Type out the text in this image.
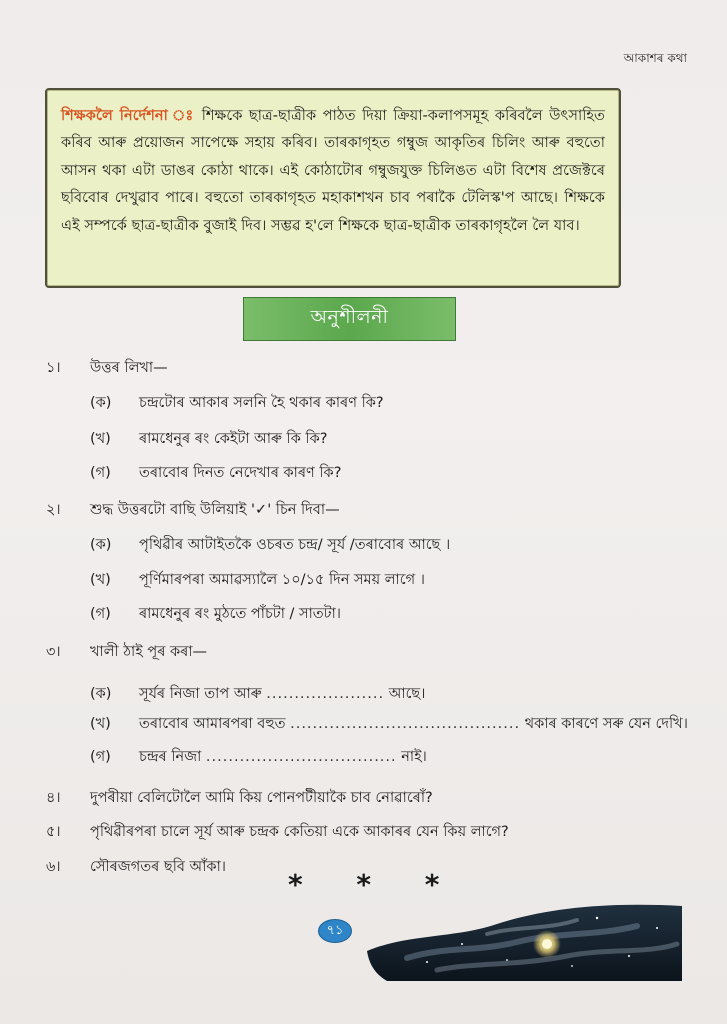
আকাশৰ কথা
শিক্ষকলৈ নির্দেশনা ঃ শিক্ষকে ছাত্র-ছাত্রীক পাঠত দিয়া ক্রিয়া-কলাপসমূহ কৰিবলৈ উৎসাহিত কৰিব আৰু প্ৰয়োজন সাপেক্ষে সহায় কৰিব। তাৰকাগৃহত গম্বুজ আকৃতিৰ চিলিং আৰু বহুতো আসন থকা এটা ডাঙৰ কোঠা থাকে। এই কোঠাটোৰ গম্বুজযুক্ত চিলিঙত এটা বিশেষ প্ৰজেক্টৰে ছবিবোৰ দেখুৱাব পাৰে। বহুতো তাৰকাগৃহত মহাকাশখন চাব পৰাকৈ টেলিস্ক'প আছে। শিক্ষকে এই সম্পৰ্কে ছাত্ৰ-ছাত্ৰীক বুজাই দিব। সম্ভৱ হ'লে শিক্ষকে ছাত্ৰ-ছাত্ৰীক তাৰকাগৃহলৈ লৈ যাব।
অনুশীলনী
১।	উত্তৰ লিখা—
(ক)	চন্দ্ৰটোৰ আকাৰ সলনি হৈ থকাৰ কাৰণ কি?
(খ)	ৰামধেনুৰ ৰং কেইটা আৰু কি কি?
(গ)	তৰাবোৰ দিনত নেদেখাৰ কাৰণ কি?
২।	শুদ্ধ উত্তৰটো বাছি উলিয়াই '✓' চিন দিবা—
(ক)	পৃথিৱীৰ আটাইতকৈ ওচৰত চন্দ্ৰ/ সূৰ্য /তৰাবোৰ আছে ।
(খ)	পূৰ্ণিমাৰপৰা অমাৱস্যালৈ ১০/১৫ দিন সময় লাগে ।
(গ)	ৰামধেনুৰ ৰং মুঠতে পাঁচটা / সাতটা।
৩।	খালী ঠাই পূৰ কৰা—
(ক)	সূৰ্যৰ নিজা তাপ আৰু ..................... আছে।
(খ)	তৰাবোৰ আমাৰপৰা বহুত ......................................... থকাৰ কাৰণে সৰু যেন দেখি।
(গ)	চন্দ্ৰৰ নিজা .................................. নাই।
৪।	দুপৰীয়া বেলিটোলৈ আমি কিয় পোনপটীয়াকৈ চাব নোৱাৰোঁ?
৫।	পৃথিৱীৰপৰা চালে সূৰ্য আৰু চন্দ্ৰক কেতিয়া একে আকাৰৰ যেন কিয় লাগে?
৬।	সৌৰজগতৰ ছবি আঁকা।
* * *
৭১
